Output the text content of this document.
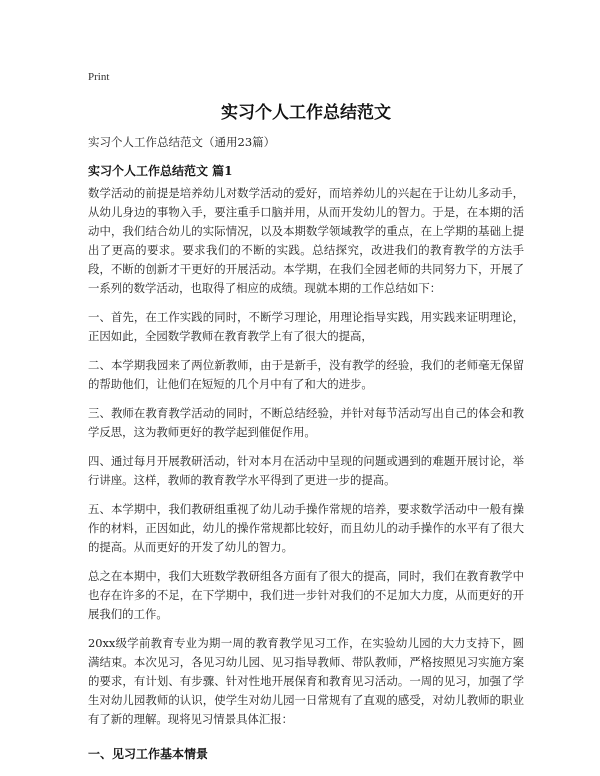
Print
实习个人工作总结范文
实习个人工作总结范文（通用23篇）
实习个人工作总结范文 篇1

数学活动的前提是培养幼儿对数学活动的爱好，而培养幼儿的兴起在于让幼儿多动手，从幼儿身边的事物入手，要注重手口脑并用，从而开发幼儿的智力。于是，在本期的活动中，我们结合幼儿的实际情况，以及本期数学领域教学的重点，在上学期的基础上提出了更高的要求。要求我们的不断的实践。总结探究，改进我们的教育教学的方法手段，不断的创新才干更好的开展活动。本学期，在我们全园老师的共同努力下，开展了一系列的数学活动，也取得了相应的成绩。现就本期的工作总结如下：

一、首先，在工作实践的同时，不断学习理论，用理论指导实践，用实践来证明理论，正因如此，全园数学教师在教育教学上有了很大的提高，

二、本学期我园来了两位新教师，由于是新手，没有教学的经验，我们的老师毫无保留的帮助他们，让他们在短短的几个月中有了和大的进步。

三、教师在教育教学活动的同时，不断总结经验，并针对每节活动写出自己的体会和教学反思，这为教师更好的教学起到催促作用。

四、通过每月开展教研活动，针对本月在活动中呈现的问题或遇到的难题开展讨论，举行讲座。这样，教师的教育教学水平得到了更进一步的提高。

五、本学期中，我们教研组重视了幼儿动手操作常规的培养，要求数学活动中一般有操作的材料，正因如此，幼儿的操作常规都比较好，而且幼儿的动手操作的水平有了很大的提高。从而更好的开发了幼儿的智力。

总之在本期中，我们大班数学教研组各方面有了很大的提高，同时，我们在教育教学中也存在许多的不足，在下学期中，我们进一步针对我们的不足加大力度，从而更好的开展我们的工作。

20xx级学前教育专业为期一周的教育教学见习工作，在实验幼儿园的大力支持下，圆满结束。本次见习，各见习幼儿园、见习指导教师、带队教师，严格按照见习实施方案的要求，有计划、有步骤、针对性地开展保育和教育见习活动。一周的见习，加强了学生对幼儿园教师的认识，使学生对幼儿园一日常规有了直观的感受，对幼儿教师的职业有了新的理解。现将见习情景具体汇报：

一、见习工作基本情景
